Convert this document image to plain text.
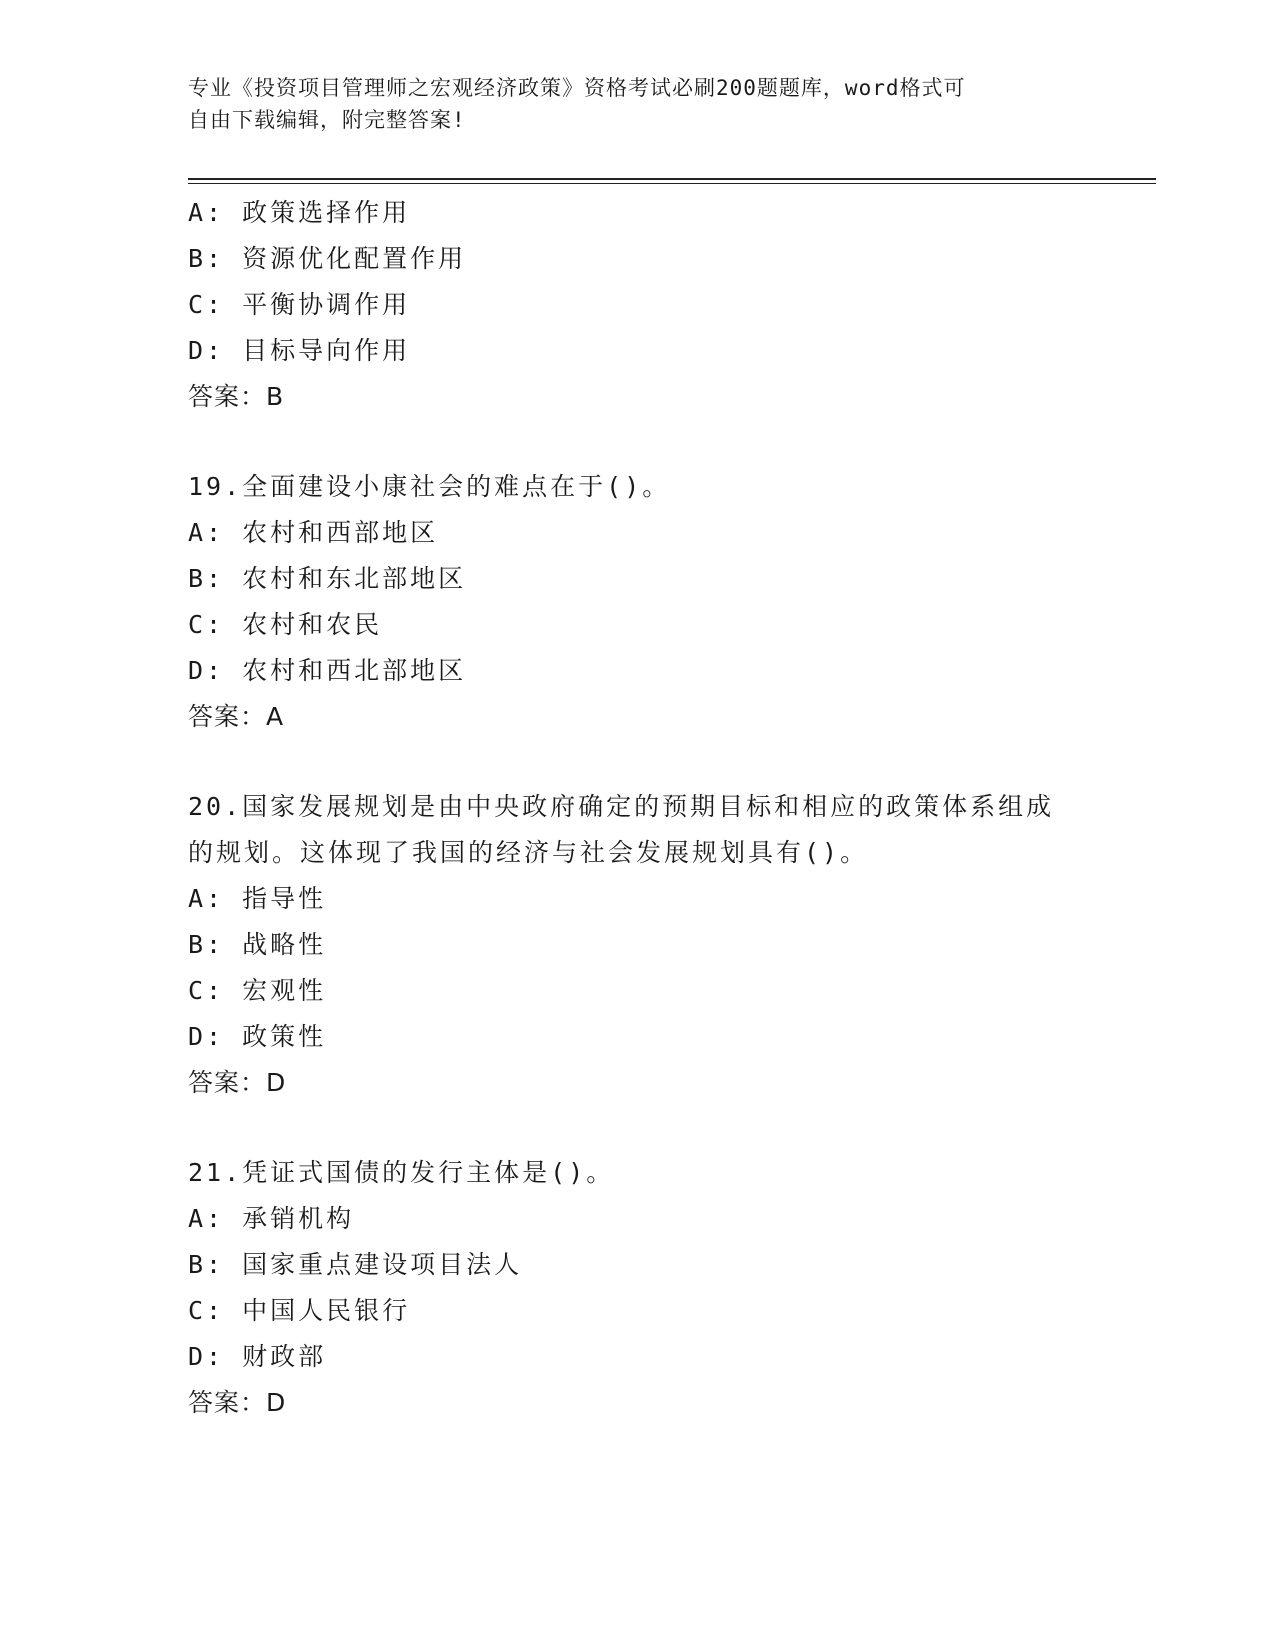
专业《投资项目管理师之宏观经济政策》资格考试必刷200题题库，word格式可

自由下载编辑，附完整答案!

A: 政策选择作用
B: 资源优化配置作用
C: 平衡协调作用
D: 目标导向作用
答案：B
19.全面建设小康社会的难点在于()。
A: 农村和西部地区
B: 农村和东北部地区
C: 农村和农民
D: 农村和西北部地区
答案：A
20.国家发展规划是由中央政府确定的预期目标和相应的政策体系组成
的规划。这体现了我国的经济与社会发展规划具有()。
A: 指导性
B: 战略性
C: 宏观性
D: 政策性
答案：D
21.凭证式国债的发行主体是()。
A: 承销机构
B: 国家重点建设项目法人
C: 中国人民银行
D: 财政部
答案：D
